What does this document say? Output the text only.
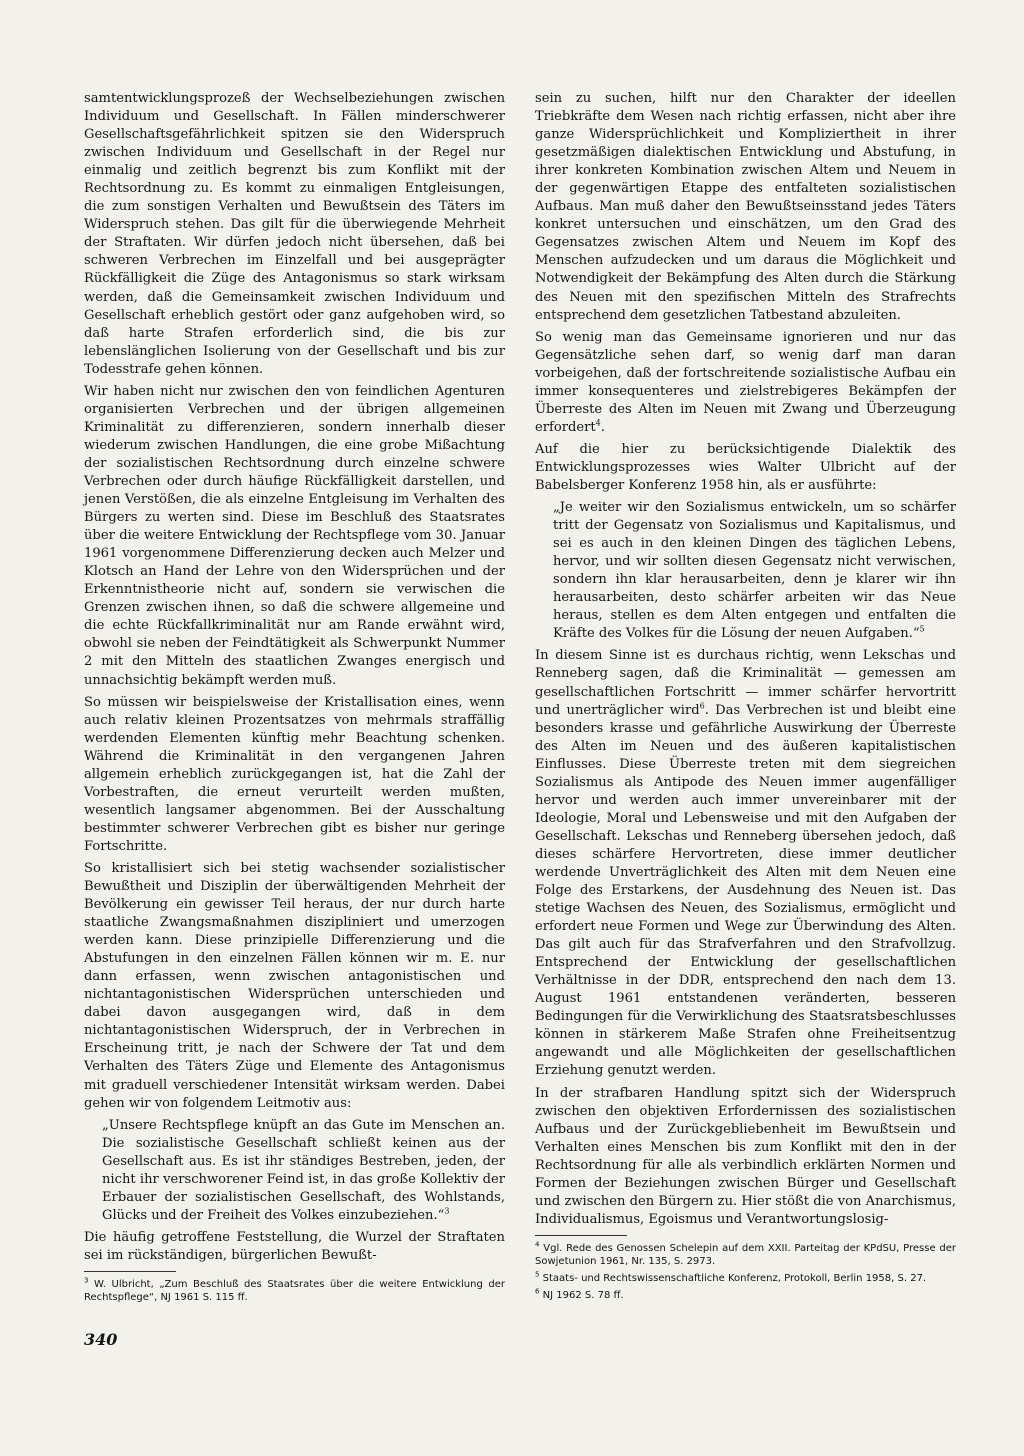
samtentwicklungsprozeß der Wechselbeziehungen zwischen Individuum und Gesellschaft. In Fällen minderschwerer Gesellschaftsgefährlichkeit spitzen sie den Widerspruch zwischen Individuum und Gesellschaft in der Regel nur einmalig und zeitlich begrenzt bis zum Konflikt mit der Rechtsordnung zu. Es kommt zu einmaligen Entgleisungen, die zum sonstigen Verhalten und Bewußtsein des Täters im Widerspruch stehen. Das gilt für die überwiegende Mehrheit der Straftaten. Wir dürfen jedoch nicht übersehen, daß bei schweren Verbrechen im Einzelfall und bei ausgeprägter Rückfälligkeit die Züge des Antagonismus so stark wirksam werden, daß die Gemeinsamkeit zwischen Individuum und Gesellschaft erheblich gestört oder ganz aufgehoben wird, so daß harte Strafen erforderlich sind, die bis zur lebenslänglichen Isolierung von der Gesellschaft und bis zur Todesstrafe gehen können.

Wir haben nicht nur zwischen den von feindlichen Agenturen organisierten Verbrechen und der übrigen allgemeinen Kriminalität zu differenzieren, sondern innerhalb dieser wiederum zwischen Handlungen, die eine grobe Mißachtung der sozialistischen Rechtsordnung durch einzelne schwere Verbrechen oder durch häufige Rückfälligkeit darstellen, und jenen Verstößen, die als einzelne Entgleisung im Verhalten des Bürgers zu werten sind. Diese im Beschluß des Staatsrates über die weitere Entwicklung der Rechtspflege vom 30. Januar 1961 vorgenommene Differenzierung decken auch Melzer und Klotsch an Hand der Lehre von den Widersprüchen und der Erkenntnistheorie nicht auf, sondern sie verwischen die Grenzen zwischen ihnen, so daß die schwere allgemeine und die echte Rückfallkriminalität nur am Rande erwähnt wird, obwohl sie neben der Feindtätigkeit als Schwerpunkt Nummer 2 mit den Mitteln des staatlichen Zwanges energisch und unnachsichtig bekämpft werden muß.

So müssen wir beispielsweise der Kristallisation eines, wenn auch relativ kleinen Prozentsatzes von mehrmals straffällig werdenden Elementen künftig mehr Beachtung schenken. Während die Kriminalität in den vergangenen Jahren allgemein erheblich zurückgegangen ist, hat die Zahl der Vorbestraften, die erneut verurteilt werden mußten, wesentlich langsamer abgenommen. Bei der Ausschaltung bestimmter schwerer Verbrechen gibt es bisher nur geringe Fortschritte.

So kristallisiert sich bei stetig wachsender sozialistischer Bewußtheit und Disziplin der überwältigenden Mehrheit der Bevölkerung ein gewisser Teil heraus, der nur durch harte staatliche Zwangsmaßnahmen diszipliniert und umerzogen werden kann. Diese prinzipielle Differenzierung und die Abstufungen in den einzelnen Fällen können wir m. E. nur dann erfassen, wenn zwischen antagonistischen und nichtantagonistischen Widersprüchen unterschieden und dabei davon ausgegangen wird, daß in dem nichtantagonistischen Widerspruch, der in Verbrechen in Erscheinung tritt, je nach der Schwere der Tat und dem Verhalten des Täters Züge und Elemente des Antagonismus mit graduell verschiedener Intensität wirksam werden. Dabei gehen wir von folgendem Leitmotiv aus:

„Unsere Rechtspflege knüpft an das Gute im Menschen an. Die sozialistische Gesellschaft schließt keinen aus der Gesellschaft aus. Es ist ihr ständiges Bestreben, jeden, der nicht ihr verschworener Feind ist, in das große Kollektiv der Erbauer der sozialistischen Gesellschaft, des Wohlstands, Glücks und der Freiheit des Volkes einzubeziehen.“$^3$

Die häufig getroffene Feststellung, die Wurzel der Straftaten sei im rückständigen, bürgerlichen Bewußt-

$^3$ W. Ulbricht, „Zum Beschluß des Staatsrates über die weitere Entwicklung der Rechtspflege“, NJ 1961 S. 115 ff.

sein zu suchen, hilft nur den Charakter der ideellen Triebkräfte dem Wesen nach richtig erfassen, nicht aber ihre ganze Widersprüchlichkeit und Kompliziertheit in ihrer gesetzmäßigen dialektischen Entwicklung und Abstufung, in ihrer konkreten Kombination zwischen Altem und Neuem in der gegenwärtigen Etappe des entfalteten sozialistischen Aufbaus. Man muß daher den Bewußtseinsstand jedes Täters konkret untersuchen und einschätzen, um den Grad des Gegensatzes zwischen Altem und Neuem im Kopf des Menschen aufzudecken und um daraus die Möglichkeit und Notwendigkeit der Bekämpfung des Alten durch die Stärkung des Neuen mit den spezifischen Mitteln des Strafrechts entsprechend dem gesetzlichen Tatbestand abzuleiten.

So wenig man das Gemeinsame ignorieren und nur das Gegensätzliche sehen darf, so wenig darf man daran vorbeigehen, daß der fortschreitende sozialistische Aufbau ein immer konsequenteres und zielstrebigeres Bekämpfen der Überreste des Alten im Neuen mit Zwang und Überzeugung erfordert$^4$.

Auf die hier zu berücksichtigende Dialektik des Entwicklungsprozesses wies Walter Ulbricht auf der Babelsberger Konferenz 1958 hin, als er ausführte:

„Je weiter wir den Sozialismus entwickeln, um so schärfer tritt der Gegensatz von Sozialismus und Kapitalismus, und sei es auch in den kleinen Dingen des täglichen Lebens, hervor, und wir sollten diesen Gegensatz nicht verwischen, sondern ihn klar herausarbeiten, denn je klarer wir ihn herausarbeiten, desto schärfer arbeiten wir das Neue heraus, stellen es dem Alten entgegen und entfalten die Kräfte des Volkes für die Lösung der neuen Aufgaben.“$^5$

In diesem Sinne ist es durchaus richtig, wenn Lekschas und Renneberg sagen, daß die Kriminalität — gemessen am gesellschaftlichen Fortschritt — immer schärfer hervortritt und unerträglicher wird$^6$. Das Verbrechen ist und bleibt eine besonders krasse und gefährliche Auswirkung der Überreste des Alten im Neuen und des äußeren kapitalistischen Einflusses. Diese Überreste treten mit dem siegreichen Sozialismus als Antipode des Neuen immer augenfälliger hervor und werden auch immer unvereinbarer mit der Ideologie, Moral und Lebensweise und mit den Aufgaben der Gesellschaft. Lekschas und Renneberg übersehen jedoch, daß dieses schärfere Hervortreten, diese immer deutlicher werdende Unverträglichkeit des Alten mit dem Neuen eine Folge des Erstarkens, der Ausdehnung des Neuen ist. Das stetige Wachsen des Neuen, des Sozialismus, ermöglicht und erfordert neue Formen und Wege zur Überwindung des Alten. Das gilt auch für das Strafverfahren und den Strafvollzug. Entsprechend der Entwicklung der gesellschaftlichen Verhältnisse in der DDR, entsprechend den nach dem 13. August 1961 entstandenen veränderten, besseren Bedingungen für die Verwirklichung des Staatsratsbeschlusses können in stärkerem Maße Strafen ohne Freiheitsentzug angewandt und alle Möglichkeiten der gesellschaftlichen Erziehung genutzt werden.

In der strafbaren Handlung spitzt sich der Widerspruch zwischen den objektiven Erfordernissen des sozialistischen Aufbaus und der Zurückgebliebenheit im Bewußtsein und Verhalten eines Menschen bis zum Konflikt mit den in der Rechtsordnung für alle als verbindlich erklärten Normen und Formen der Beziehungen zwischen Bürger und Gesellschaft und zwischen den Bürgern zu. Hier stößt die von Anarchismus, Individualismus, Egoismus und Verantwortungslosig-

$^4$ Vgl. Rede des Genossen Schelepin auf dem XXII. Parteitag der KPdSU, Presse der Sowjetunion 1961, Nr. 135, S. 2973.

$^5$ Staats- und Rechtswissenschaftliche Konferenz, Protokoll, Berlin 1958, S. 27.

$^6$ NJ 1962 S. 78 ff.

340
